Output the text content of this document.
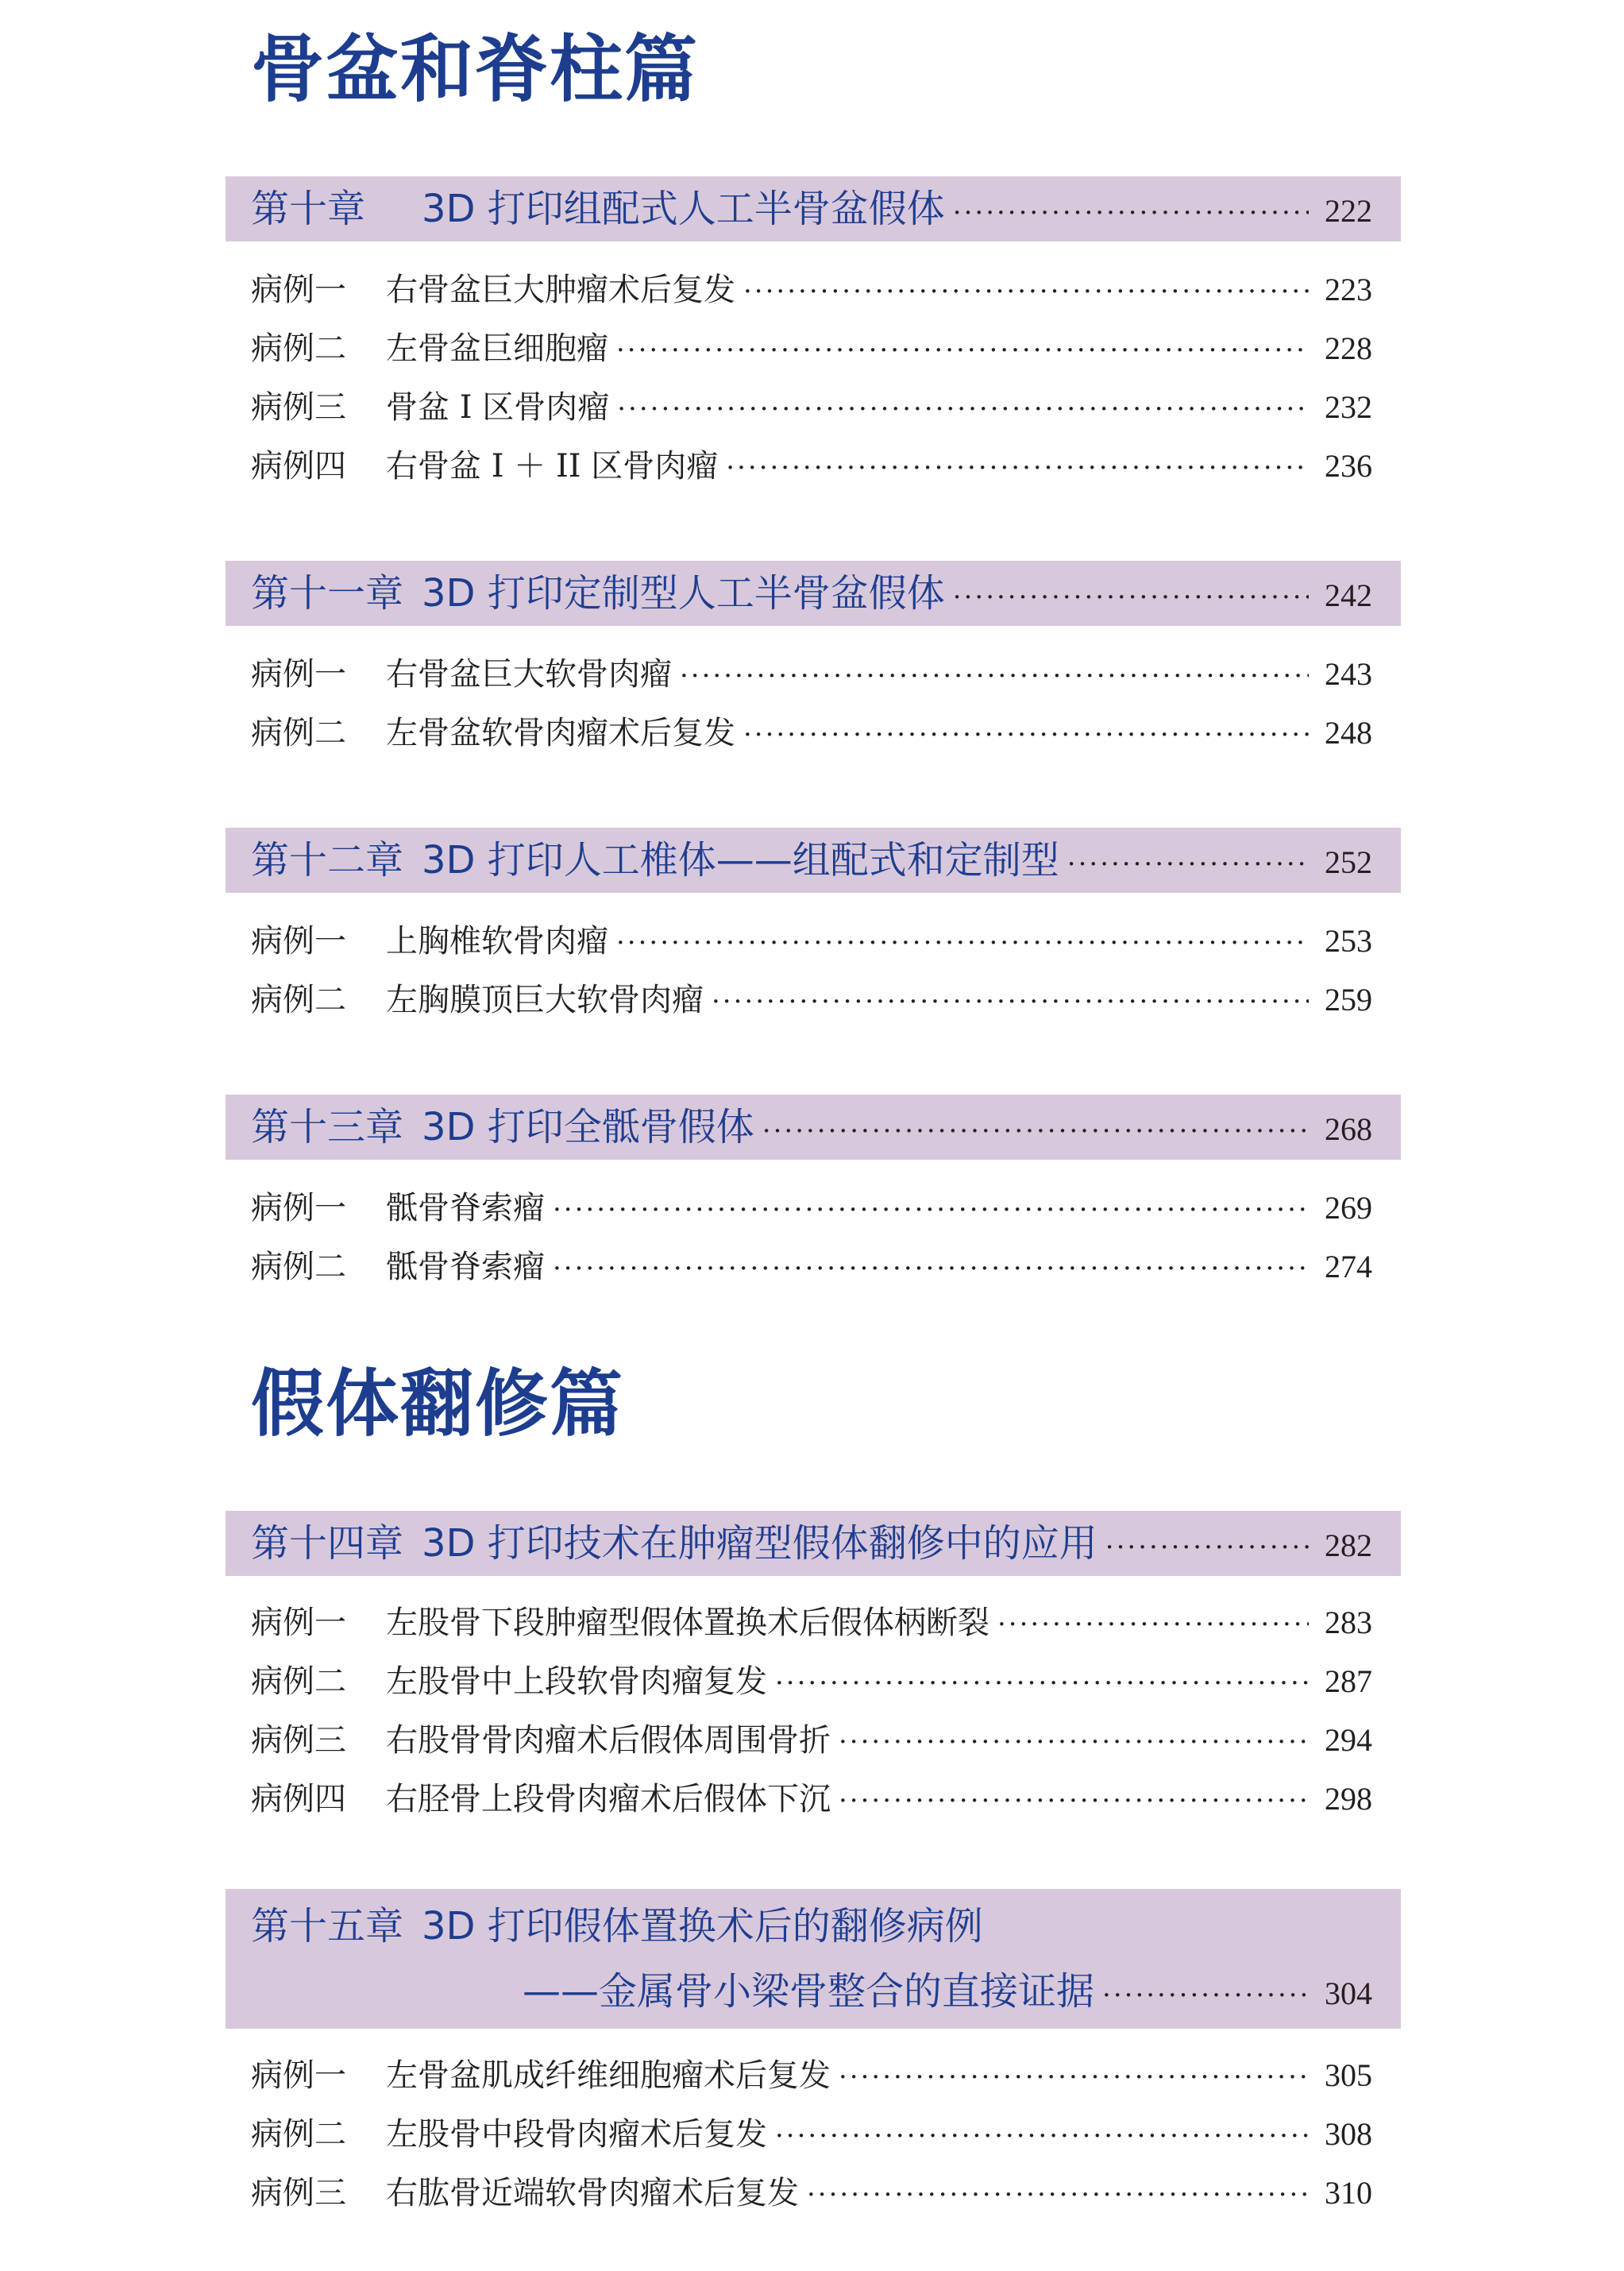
骨盆和脊柱篇
第十章	3D 打印组配式人工半骨盆假体 ·····	222
病例一	右骨盆巨大肿瘤术后复发 ·····	223
病例二	左骨盆巨细胞瘤 ·····	228
病例三	骨盆 I 区骨肉瘤 ·····	232
病例四	右骨盆 I ＋ II 区骨肉瘤 ·····	236
第十一章 3D 打印定制型人工半骨盆假体 ·····	242
病例一	右骨盆巨大软骨肉瘤 ·····	243
病例二	左骨盆软骨肉瘤术后复发 ·····	248
第十二章 3D 打印人工椎体——组配式和定制型 ·····	252
病例一	上胸椎软骨肉瘤 ·····	253
病例二	左胸膜顶巨大软骨肉瘤 ·····	259
第十三章 3D 打印全骶骨假体 ·····	268
病例一	骶骨脊索瘤 ·····	269
病例二	骶骨脊索瘤 ·····	274
假体翻修篇
第十四章 3D 打印技术在肿瘤型假体翻修中的应用 ·····	282
病例一	左股骨下段肿瘤型假体置换术后假体柄断裂 ·····	283
病例二	左股骨中上段软骨肉瘤复发 ·····	287
病例三	右股骨骨肉瘤术后假体周围骨折 ·····	294
病例四	右胫骨上段骨肉瘤术后假体下沉 ·····	298
第十五章 3D 打印假体置换术后的翻修病例
——金属骨小梁骨整合的直接证据 ·····	304
病例一	左骨盆肌成纤维细胞瘤术后复发 ·····	305
病例二	左股骨中段骨肉瘤术后复发 ·····	308
病例三	右肱骨近端软骨肉瘤术后复发 ·····	310
